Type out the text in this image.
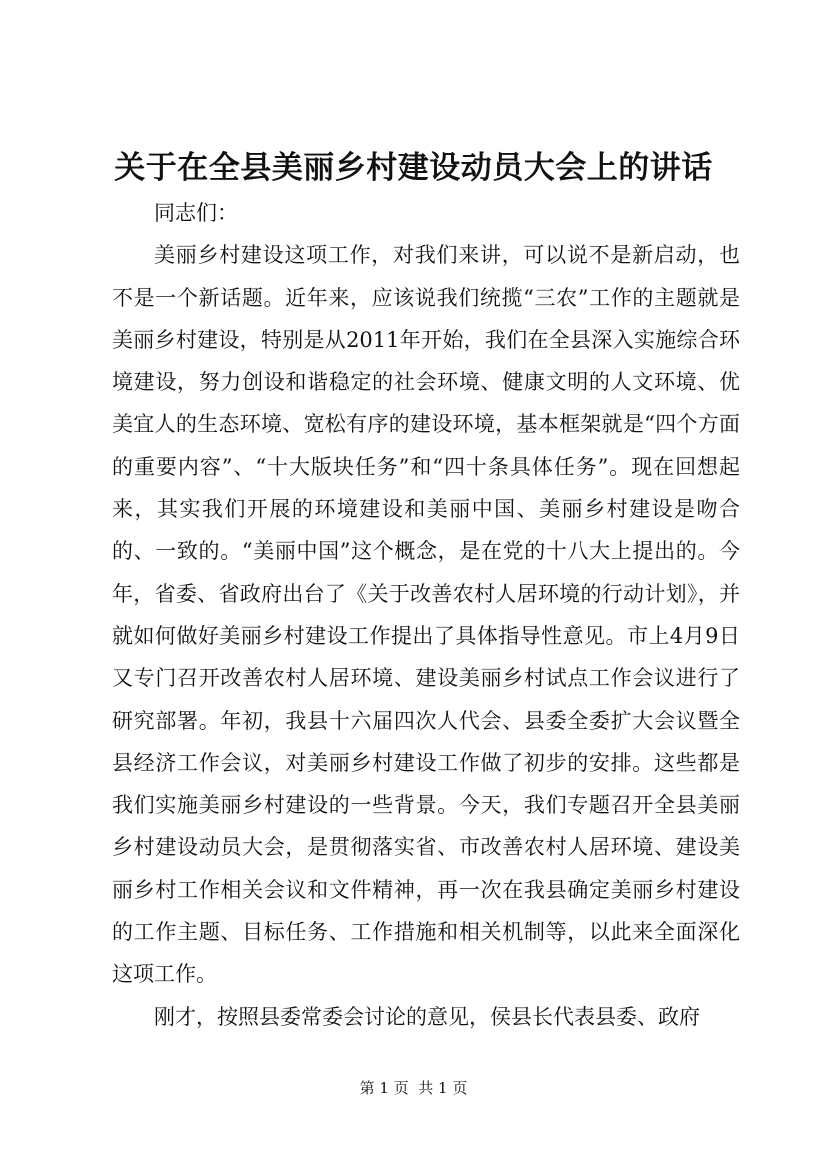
关于在全县美丽乡村建设动员大会上的讲话

同志们：

美丽乡村建设这项工作，对我们来讲，可以说不是新启动，也不是一个新话题。近年来，应该说我们统揽“三农”工作的主题就是美丽乡村建设，特别是从2011年开始，我们在全县深入实施综合环境建设，努力创设和谐稳定的社会环境、健康文明的人文环境、优美宜人的生态环境、宽松有序的建设环境，基本框架就是“四个方面的重要内容”、“十大版块任务”和“四十条具体任务”。现在回想起来，其实我们开展的环境建设和美丽中国、美丽乡村建设是吻合的、一致的。“美丽中国”这个概念，是在党的十八大上提出的。今年，省委、省政府出台了《关于改善农村人居环境的行动计划》，并就如何做好美丽乡村建设工作提出了具体指导性意见。市上4月9日又专门召开改善农村人居环境、建设美丽乡村试点工作会议进行了研究部署。年初，我县十六届四次人代会、县委全委扩大会议暨全县经济工作会议，对美丽乡村建设工作做了初步的安排。这些都是我们实施美丽乡村建设的一些背景。今天，我们专题召开全县美丽乡村建设动员大会，是贯彻落实省、市改善农村人居环境、建设美丽乡村工作相关会议和文件精神，再一次在我县确定美丽乡村建设的工作主题、目标任务、工作措施和相关机制等，以此来全面深化这项工作。

刚才，按照县委常委会讨论的意见，侯县长代表县委、政府

第 1 页  共 1 页
